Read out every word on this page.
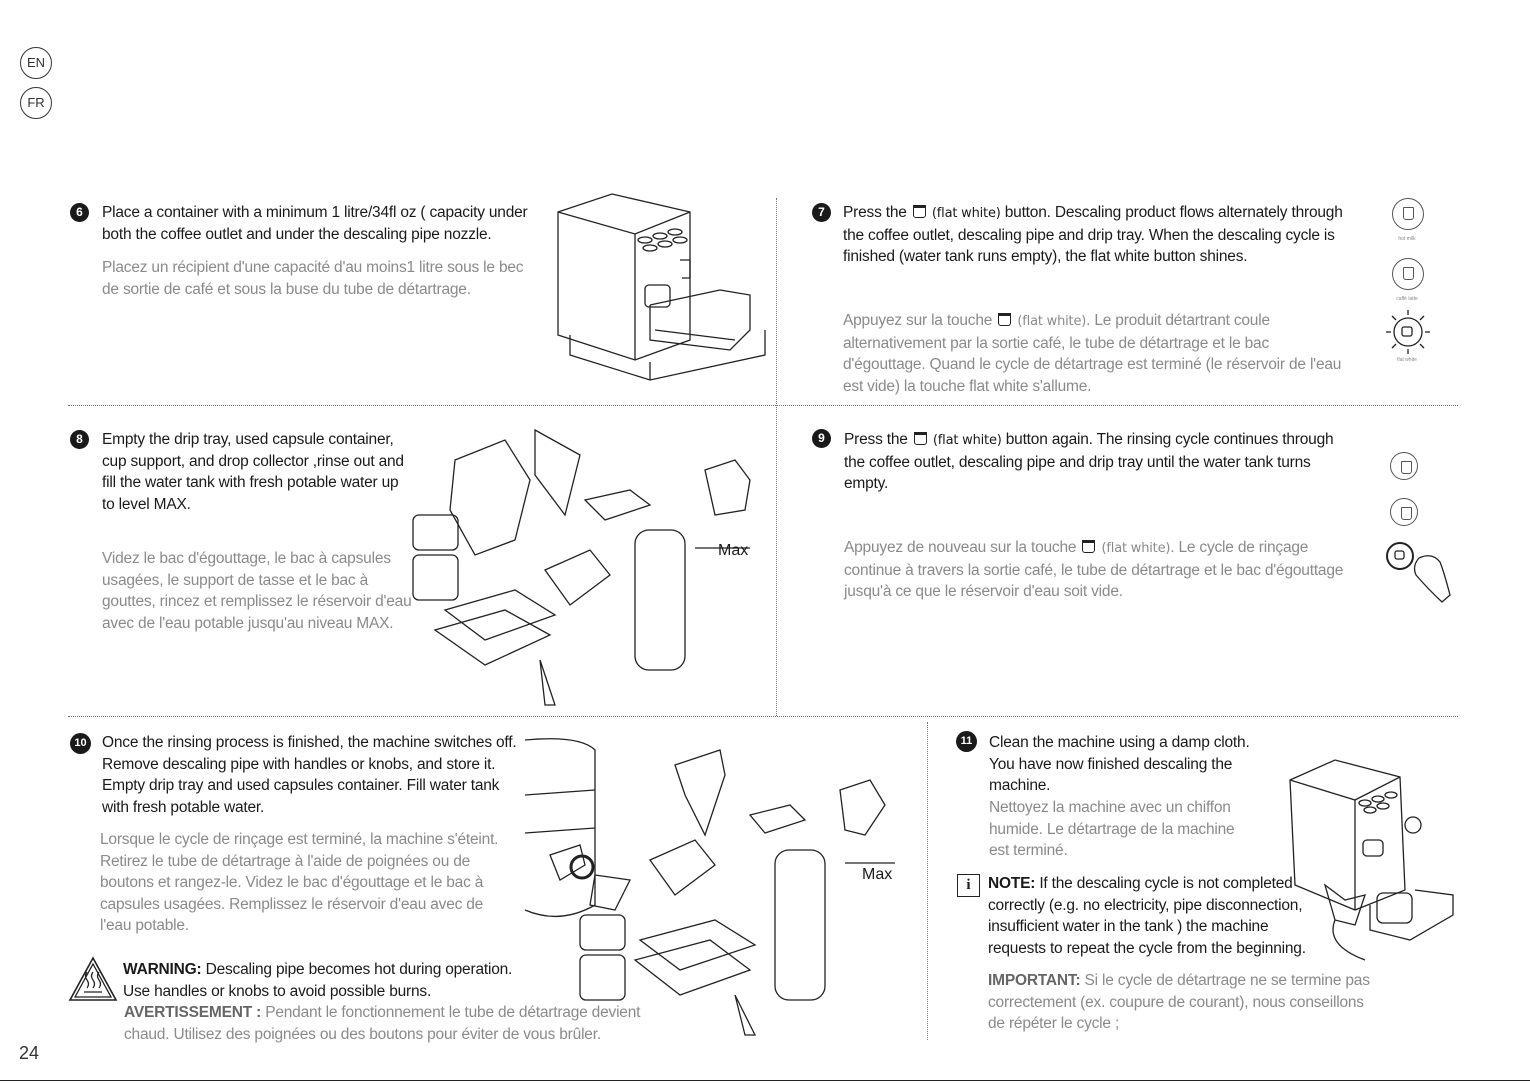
EN
FR
6	Place a container with a minimum 1 litre/34fl oz ( capacity under both the coffee outlet and under the descaling pipe nozzle.
Placez un récipient d'une capacité d'au moins1 litre sous le bec de sortie de café et sous la buse du tube de détartrage.
7	Press the (flat white) button. Descaling product flows alternately through the coffee outlet, descaling pipe and drip tray. When the descaling cycle is finished (water tank runs empty), the flat white button shines.
Appuyez sur la touche (flat white). Le produit détartrant coule alternativement par la sortie café, le tube de détartrage et le bac d'égouttage. Quand le cycle de détartrage est terminé (le réservoir de l'eau est vide) la touche flat white s'allume.
hot milk
caffè latte
flat white
8	Empty the drip tray, used capsule container, cup support, and drop collector ,rinse out and fill the water tank with fresh potable water up to level MAX.
Videz le bac d'égouttage, le bac à capsules usagées, le support de tasse et le bac à gouttes, rincez et remplissez le réservoir d'eau avec de l'eau potable jusqu'au niveau MAX.
Max
9	Press the (flat white) button again. The rinsing cycle continues through the coffee outlet, descaling pipe and drip tray until the water tank turns empty.
Appuyez de nouveau sur la touche (flat white). Le cycle de rinçage continue à travers la sortie café, le tube de détartrage et le bac d'égouttage jusqu'à ce que le réservoir d'eau soit vide.
10 Once the rinsing process is finished, the machine switches off. Remove descaling pipe with handles or knobs, and store it. Empty drip tray and used capsules container. Fill water tank with fresh potable water.
Lorsque le cycle de rinçage est terminé, la machine s'éteint. Retirez le tube de détartrage à l'aide de poignées ou de boutons et rangez-le. Videz le bac d'égouttage et le bac à capsules usagées. Remplissez le réservoir d'eau avec de l'eau potable.
WARNING: Descaling pipe becomes hot during operation. Use handles or knobs to avoid possible burns.
AVERTISSEMENT : Pendant le fonctionnement le tube de détartrage devient chaud. Utilisez des poignées ou des boutons pour éviter de vous brûler.
Max
11	Clean the machine using a damp cloth. You have now finished descaling the machine.
Nettoyez la machine avec un chiffon humide. Le détartrage de la machine est terminé.
i	NOTE: If the descaling cycle is not completed correctly (e.g. no electricity, pipe disconnection, insufficient water in the tank ) the machine requests to repeat the cycle from the beginning.
IMPORTANT: Si le cycle de détartrage ne se termine pas correctement (ex. coupure de courant), nous conseillons de répéter le cycle ;
24
